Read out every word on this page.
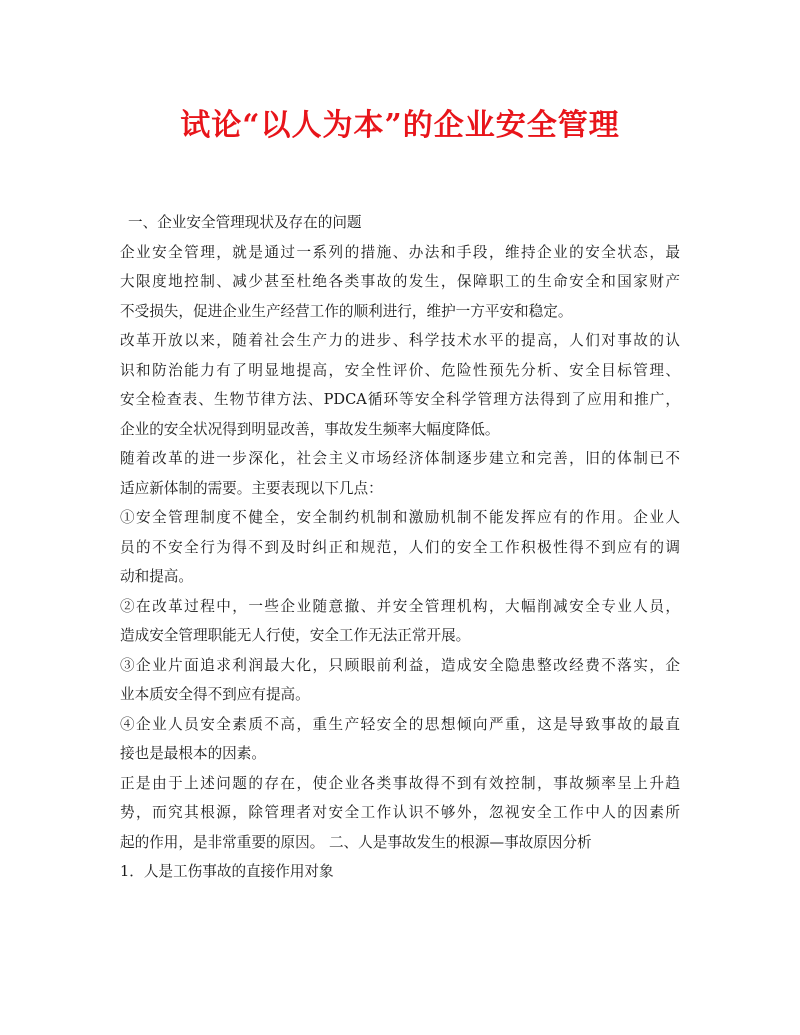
试论“以人为本”的企业安全管理
一、企业安全管理现状及存在的问题
企业安全管理，就是通过一系列的措施、办法和手段，维持企业的安全状态，最
大限度地控制、减少甚至杜绝各类事故的发生，保障职工的生命安全和国家财产
不受损失，促进企业生产经营工作的顺利进行，维护一方平安和稳定。
改革开放以来，随着社会生产力的进步、科学技术水平的提高，人们对事故的认
识和防治能力有了明显地提高，安全性评价、危险性预先分析、安全目标管理、
安全检查表、生物节律方法、PDCA循环等安全科学管理方法得到了应用和推广，
企业的安全状况得到明显改善，事故发生频率大幅度降低。
随着改革的进一步深化，社会主义市场经济体制逐步建立和完善，旧的体制已不
适应新体制的需要。主要表现以下几点：
①安全管理制度不健全，安全制约机制和激励机制不能发挥应有的作用。企业人
员的不安全行为得不到及时纠正和规范，人们的安全工作积极性得不到应有的调
动和提高。
②在改革过程中，一些企业随意撤、并安全管理机构，大幅削减安全专业人员，
造成安全管理职能无人行使，安全工作无法正常开展。
③企业片面追求利润最大化，只顾眼前利益，造成安全隐患整改经费不落实，企
业本质安全得不到应有提高。
④企业人员安全素质不高，重生产轻安全的思想倾向严重，这是导致事故的最直
接也是最根本的因素。
正是由于上述问题的存在，使企业各类事故得不到有效控制，事故频率呈上升趋
势，而究其根源，除管理者对安全工作认识不够外，忽视安全工作中人的因素所
起的作用，是非常重要的原因。 二、人是事故发生的根源—事故原因分析
1．人是工伤事故的直接作用对象
